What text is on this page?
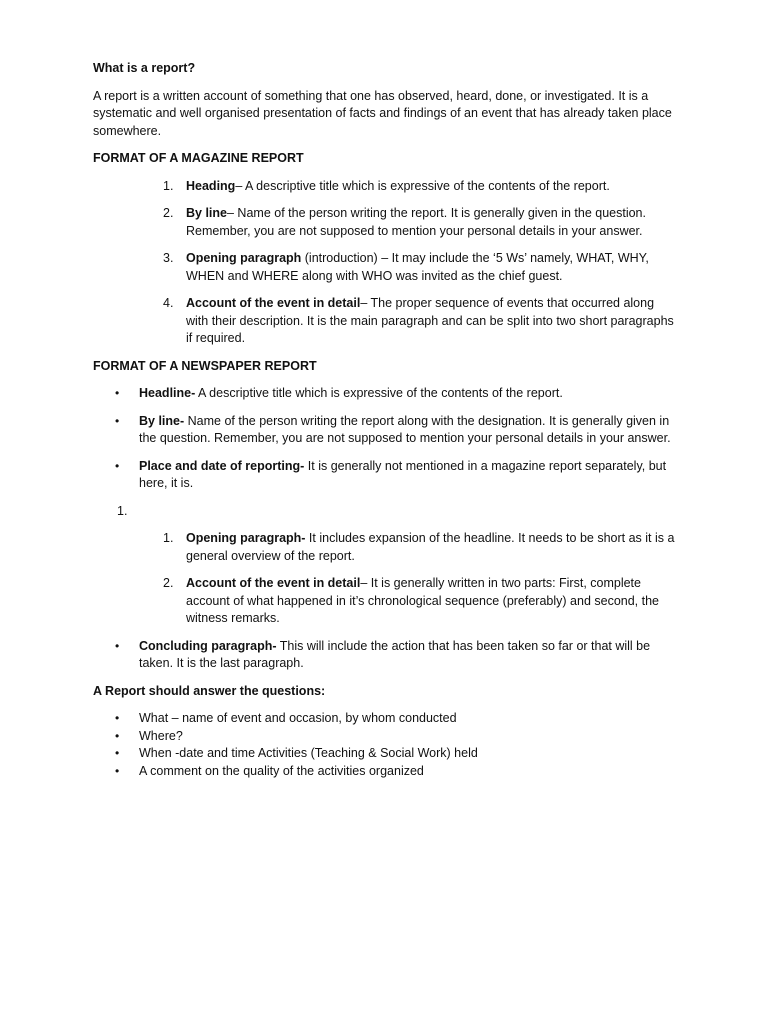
What is a report?

A report is a written account of something that one has observed, heard, done, or investigated. It is a systematic and well organised presentation of facts and findings of an event that has already taken place somewhere.

FORMAT OF A MAGAZINE REPORT

1. Heading– A descriptive title which is expressive of the contents of the report.
2. By line– Name of the person writing the report. It is generally given in the question. Remember, you are not supposed to mention your personal details in your answer.
3. Opening paragraph (introduction) – It may include the ‘5 Ws’ namely, WHAT, WHY, WHEN and WHERE along with WHO was invited as the chief guest.
4. Account of the event in detail– The proper sequence of events that occurred along with their description. It is the main paragraph and can be split into two short paragraphs if required.

FORMAT OF A NEWSPAPER REPORT

• Headline- A descriptive title which is expressive of the contents of the report.
• By line- Name of the person writing the report along with the designation. It is generally given in the question. Remember, you are not supposed to mention your personal details in your answer.
• Place and date of reporting- It is generally not mentioned in a magazine report separately, but here, it is.
1.
1. Opening paragraph- It includes expansion of the headline. It needs to be short as it is a general overview of the report.
2. Account of the event in detail– It is generally written in two parts: First, complete account of what happened in it’s chronological sequence (preferably) and second, the witness remarks.
• Concluding paragraph- This will include the action that has been taken so far or that will be taken. It is the last paragraph.

A Report should answer the questions:

• What – name of event and occasion, by whom conducted
• Where?
• When -date and time Activities (Teaching & Social Work) held
• A comment on the quality of the activities organized
